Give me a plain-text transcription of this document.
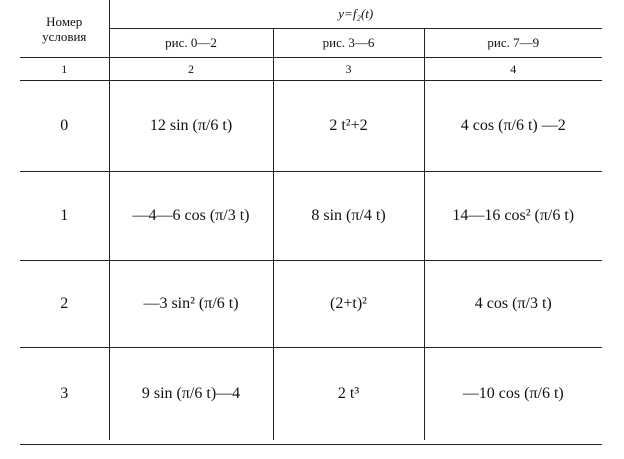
Номер
условия	y=f₂(t)		
	рис. 0—2	рис. 3—6	рис. 7—9
1	2	3	4
0	12 sin (π/6 t)	2 t²+2	4 cos (π/6 t) —2
1	—4—6 cos (π/3 t)	8 sin (π/4 t)	14—16 cos² (π/6 t)
2	—3 sin² (π/6 t)	(2+t)²	4 cos (π/3 t)
3	9 sin (π/6 t)—4	2 t³	—10 cos (π/6 t)
